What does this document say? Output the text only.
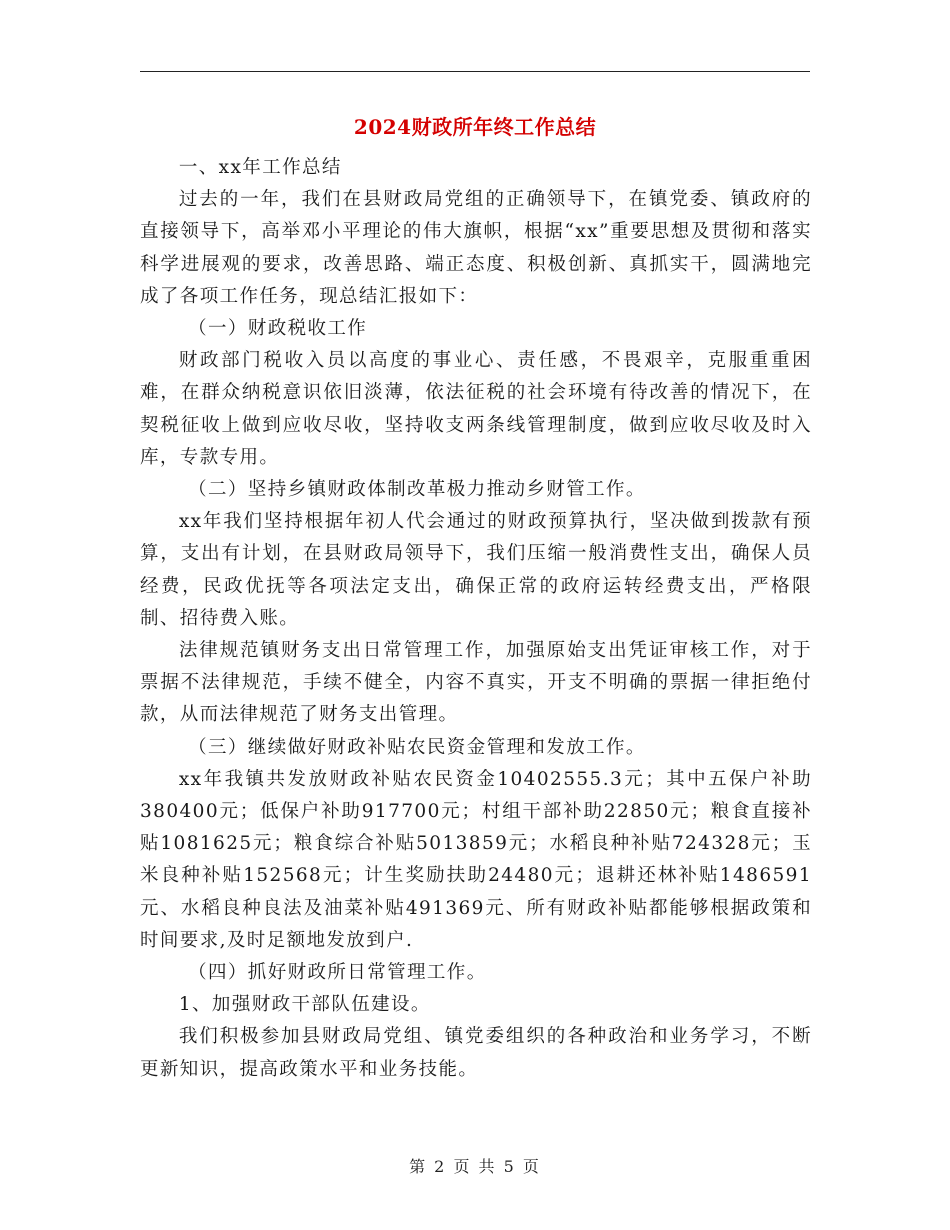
2024财政所年终工作总结

一、xx年工作总结

过去的一年，我们在县财政局党组的正确领导下，在镇党委、镇政府的直接领导下，高举邓小平理论的伟大旗帜，根据“xx”重要思想及贯彻和落实科学进展观的要求，改善思路、端正态度、积极创新、真抓实干，圆满地完成了各项工作任务，现总结汇报如下：

（一）财政税收工作

财政部门税收入员以高度的事业心、责任感，不畏艰辛，克服重重困难，在群众纳税意识依旧淡薄，依法征税的社会环境有待改善的情况下，在契税征收上做到应收尽收，坚持收支两条线管理制度，做到应收尽收及时入库，专款专用。

（二）坚持乡镇财政体制改革极力推动乡财管工作。

xx年我们坚持根据年初人代会通过的财政预算执行，坚决做到拨款有预算，支出有计划，在县财政局领导下，我们压缩一般消费性支出，确保人员经费，民政优抚等各项法定支出，确保正常的政府运转经费支出，严格限制、招待费入账。

法律规范镇财务支出日常管理工作，加强原始支出凭证审核工作，对于票据不法律规范，手续不健全，内容不真实，开支不明确的票据一律拒绝付款，从而法律规范了财务支出管理。

（三）继续做好财政补贴农民资金管理和发放工作。

xx年我镇共发放财政补贴农民资金10402555.3元；其中五保户补助380400元；低保户补助917700元；村组干部补助22850元；粮食直接补贴1081625元；粮食综合补贴5013859元；水稻良种补贴724328元；玉米良种补贴152568元；计生奖励扶助24480元；退耕还林补贴1486591元、水稻良种良法及油菜补贴491369元、所有财政补贴都能够根据政策和时间要求,及时足额地发放到户.

（四）抓好财政所日常管理工作。

1、加强财政干部队伍建设。

我们积极参加县财政局党组、镇党委组织的各种政治和业务学习，不断更新知识，提高政策水平和业务技能。

第 2 页 共 5 页
